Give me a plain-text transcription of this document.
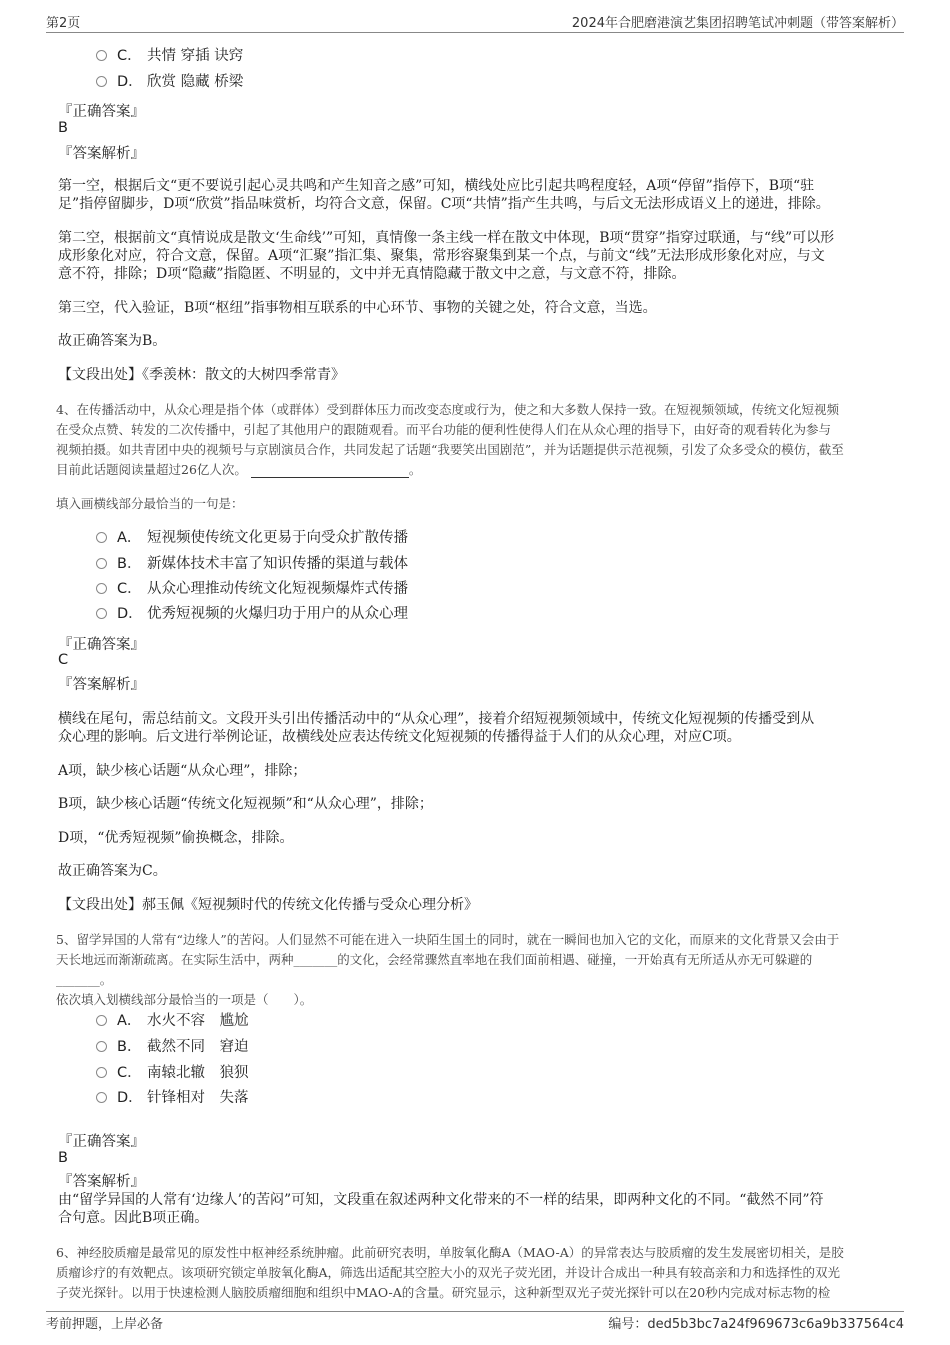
第2页	2024年合肥磨港演艺集团招聘笔试冲刺题（带答案解析）
C． 共情 穿插 诀窍
D． 欣赏 隐藏 桥梁
『正确答案』
B
『答案解析』
第一空，根据后文“更不要说引起心灵共鸣和产生知音之感”可知，横线处应比引起共鸣程度轻，A项“停留”指停下，B项“驻
足”指停留脚步，D项“欣赏”指品味赏析，均符合文意，保留。C项“共情”指产生共鸣，与后文无法形成语义上的递进，排除。
第二空，根据前文“真情说成是散文‘生命线’”可知，真情像一条主线一样在散文中体现，B项“贯穿”指穿过联通，与“线”可以形
成形象化对应，符合文意，保留。A项“汇聚”指汇集、聚集，常形容聚集到某一个点，与前文“线”无法形成形象化对应，与文
意不符，排除；D项“隐藏”指隐匿、不明显的，文中并无真情隐藏于散文中之意，与文意不符，排除。
第三空，代入验证，B项“枢纽”指事物相互联系的中心环节、事物的关键之处，符合文意，当选。
故正确答案为B。
【文段出处】《季羡林：散文的大树四季常青》
4、在传播活动中，从众心理是指个体（或群体）受到群体压力而改变态度或行为，使之和大多数人保持一致。在短视频领域，传统文化短视频
在受众点赞、转发的二次传播中，引起了其他用户的跟随观看。而平台功能的便利性使得人们在从众心理的指导下，由好奇的观看转化为参与
视频拍摄。如共青团中央的视频号与京剧演员合作，共同发起了话题“我要笑出国剧范”，并为话题提供示范视频，引发了众多受众的模仿，截至
目前此话题阅读量超过26亿人次。	。
填入画横线部分最恰当的一句是：
A． 短视频使传统文化更易于向受众扩散传播
B． 新媒体技术丰富了知识传播的渠道与载体
C． 从众心理推动传统文化短视频爆炸式传播
D． 优秀短视频的火爆归功于用户的从众心理
『正确答案』
C
『答案解析』
横线在尾句，需总结前文。文段开头引出传播活动中的“从众心理”，接着介绍短视频领域中，传统文化短视频的传播受到从
众心理的影响。后文进行举例论证，故横线处应表达传统文化短视频的传播得益于人们的从众心理，对应C项。
A项，缺少核心话题“从众心理”，排除；
B项，缺少核心话题“传统文化短视频”和“从众心理”，排除；
D项，“优秀短视频”偷换概念，排除。
故正确答案为C。
【文段出处】郝玉佩《短视频时代的传统文化传播与受众心理分析》
5、留学异国的人常有“边缘人”的苦闷。人们显然不可能在进入一块陌生国土的同时，就在一瞬间也加入它的文化，而原来的文化背景又会由于
天长地远而渐渐疏离。在实际生活中，两种_______的文化，会经常骤然直率地在我们面前相遇、碰撞，一开始真有无所适从亦无可躲避的
_______。
依次填入划横线部分最恰当的一项是（　　）。
A． 水火不容　尴尬
B． 截然不同　窘迫
C． 南辕北辙　狼狈
D． 针锋相对　失落
『正确答案』
B
『答案解析』
由“留学异国的人常有‘边缘人’的苦闷”可知，文段重在叙述两种文化带来的不一样的结果，即两种文化的不同。“截然不同”符
合句意。因此B项正确。
6、神经胶质瘤是最常见的原发性中枢神经系统肿瘤。此前研究表明，单胺氧化酶A（MAO-A）的异常表达与胶质瘤的发生发展密切相关，是胶
质瘤诊疗的有效靶点。该项研究锁定单胺氧化酶A，筛选出适配其空腔大小的双光子荧光团，并设计合成出一种具有较高亲和力和选择性的双光
子荧光探针。以用于快速检测人脑胶质瘤细胞和组织中MAO-A的含量。研究显示，这种新型双光子荧光探针可以在20秒内完成对标志物的检
考前押题，上岸必备	编号：ded5b3bc7a24f969673c6a9b337564c4
